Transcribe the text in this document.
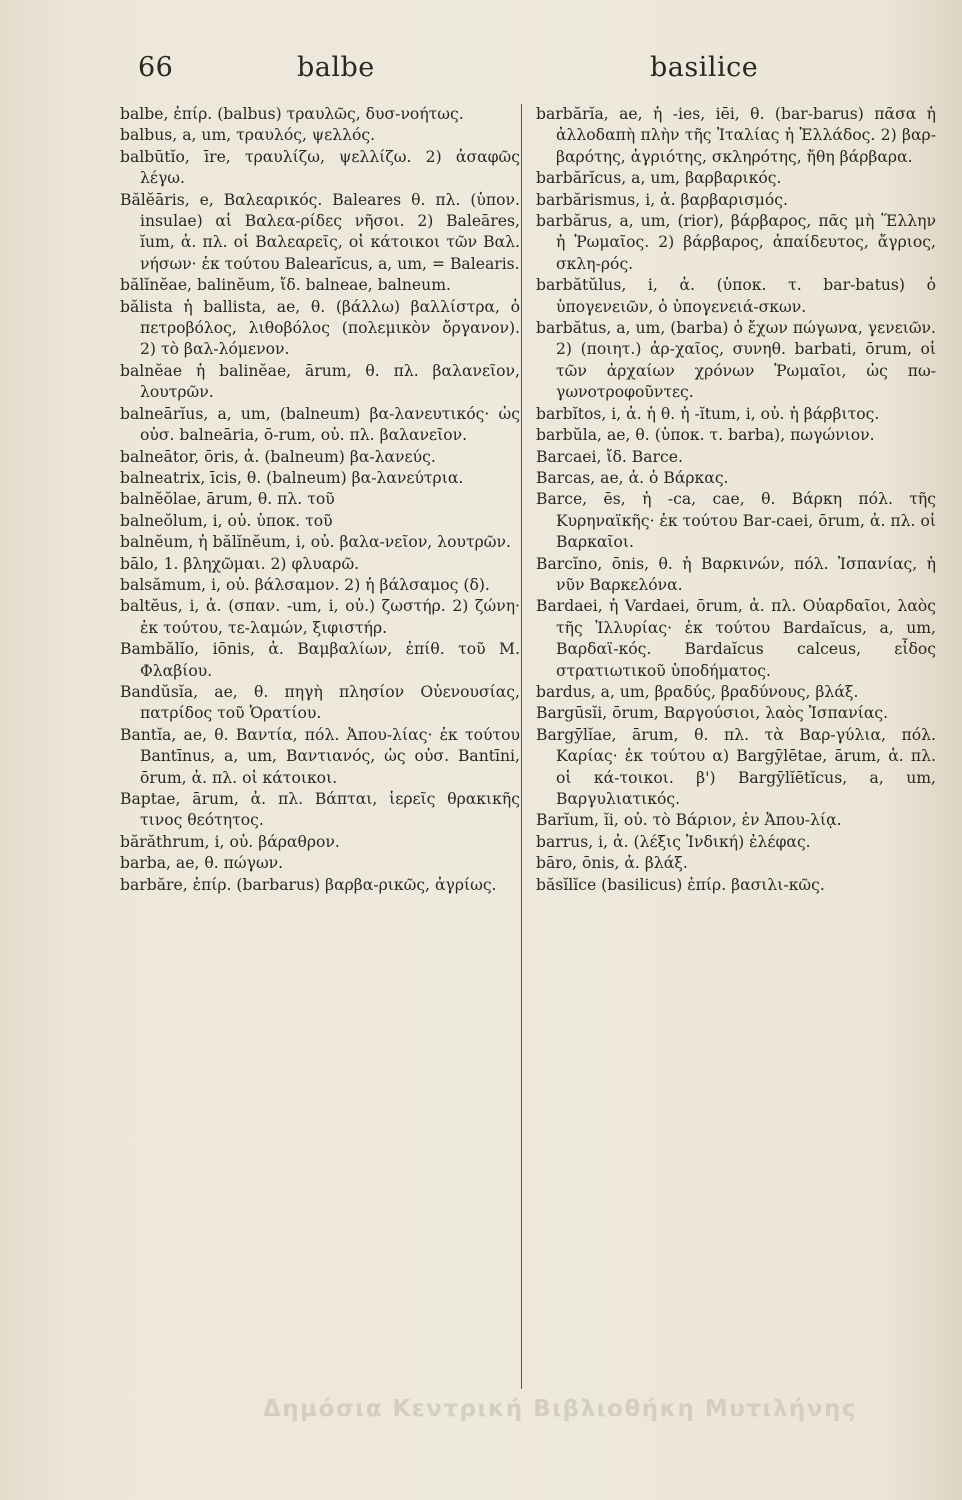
66	balbe	basilice

balbe, ἐπίρ. (balbus) τραυλῶς, δυσ-νοήτως.

balbus, a, um, τραυλός, ψελλός.

balbūtĭo, īre, τραυλίζω, ψελλίζω. 2) ἀσαφῶς λέγω.

Bălĕāris, e, Βαλεαρικός. Baleares θ. πλ. (ὑπον. insulae) αἱ Βαλεα-ρίδες νῆσοι. 2) Baleāres, ĭum, ἀ. πλ. οἱ Βαλεαρεῖς, οἱ κάτοικοι τῶν Βαλ. νήσων· ἐκ τούτου Balearĭcus, a, um, = Balearis.

bălĭnĕae, balinĕum, ἴδ. balneae, balneum.

bălista ἡ ballista, ae, θ. (βάλλω) βαλλίστρα, ὁ πετροβόλος, λιθοβόλος (πολεμικὸν ὄργανον). 2) τὸ βαλ-λόμενον.

balnĕae ἡ balinĕae, ārum, θ. πλ. βαλανεῖον, λουτρῶν.

balneārĭus, a, um, (balneum) βα-λανευτικός· ὡς οὐσ. balneāria, ō-rum, οὐ. πλ. βαλανεῖον.

balneātor, ōris, ἀ. (balneum) βα-λανεύς.

balneatrix, īcis, θ. (balneum) βα-λανεύτρια.

balnĕŏlae, ārum, θ. πλ. τοῦ

balneŏlum, i, οὐ. ὑποκ. τοῦ

balnĕum, ἡ bălĭnĕum, i, οὐ. βαλα-νεῖον, λουτρῶν.

bālo, 1. βληχῶμαι. 2) φλυαρῶ.

balsămum, i, οὐ. βάλσαμον. 2) ἡ βάλσαμος (δ).

baltĕus, i, ἀ. (σπαν. -um, i, οὐ.) ζωστήρ. 2) ζώνη· ἐκ τούτου, τε-λαμών, ξιφιστήρ.

Bambălĭo, iōnis, ἀ. Βαμβαλίων, ἐπίθ. τοῦ Μ. Φλαβίου.

Bandŭsĭa, ae, θ. πηγὴ πλησίον Οὐενουσίας, πατρίδος τοῦ Ὁρατίου.

Bantĭa, ae, θ. Βαντία, πόλ. Ἀπου-λίας· ἐκ τούτου Bantīnus, a, um, Βαντιανός, ὡς οὐσ. Bantīni, ōrum, ἀ. πλ. οἱ κάτοικοι.

Baptae, ārum, ἀ. πλ. Βάπται, ἱερεῖς θρακικῆς τινος θεότητος.

bărăthrum, i, οὐ. βάραθρον.

barba, ae, θ. πώγων.

barbăre, ἐπίρ. (barbarus) βαρβα-ρικῶς, ἀγρίως.

barbărĭa, ae, ἡ -ies, iēi, θ. (bar-barus) πᾶσα ἡ ἀλλοδαπὴ πλὴν τῆς Ἰταλίας ἡ Ἑλλάδος. 2) βαρ-βαρότης, ἀγριότης, σκληρότης, ἤθη βάρβαρα.

barbărĭcus, a, um, βαρβαρικός.

barbărismus, i, ἀ. βαρβαρισμός.

barbărus, a, um, (rior), βάρβαρος, πᾶς μὴ Ἕλλην ἡ Ῥωμαῖος. 2) βάρβαρος, ἀπαίδευτος, ἄγριος, σκλη-ρός.

barbătŭlus, i, ἀ. (ὑποκ. τ. bar-batus) ὁ ὑπογενειῶν, ὁ ὑπογενειά-σκων.

barbătus, a, um, (barba) ὁ ἔχων πώγωνα, γενειῶν. 2) (ποιητ.) ἀρ-χαῖος, συνηθ. barbati, ōrum, οἱ τῶν ἀρχαίων χρόνων Ῥωμαῖοι, ὡς πω-γωνοτροφοῦντες.

barbĭtos, i, ἀ. ἡ θ. ἡ -ĭtum, i, οὐ. ἡ βάρβιτος.

barbŭla, ae, θ. (ὑποκ. τ. barba), πωγώνιον.

Barcaei, ἴδ. Barce.

Barcas, ae, ἀ. ὁ Βάρκας.

Barce, ēs, ἡ -ca, cae, θ. Βάρκη πόλ. τῆς Κυρηναϊκῆς· ἐκ τούτου Bar-caei, ōrum, ἀ. πλ. οἱ Βαρκαῖοι.

Barcĭno, ōnis, θ. ἡ Βαρκινών, πόλ. Ἱσπανίας, ἡ νῦν Βαρκελόνα.

Bardaei, ἡ Vardaei, ōrum, ἀ. πλ. Οὐαρδαῖοι, λαὸς τῆς Ἰλλυρίας· ἐκ τούτου Bardaĭcus, a, um, Βαρδαϊ-κός. Bardaĭcus calceus, εἶδος στρατιωτικοῦ ὑποδήματος.

bardus, a, um, βραδύς, βραδύνους, βλάξ.

Bargūsĭi, ōrum, Βαργούσιοι, λαὸς Ἰσπανίας.

Bargȳlĭae, ārum, θ. πλ. τὰ Βαρ-γύλια, πόλ. Καρίας· ἐκ τούτου α) Bargȳlētae, ārum, ἀ. πλ. οἱ κά-τοικοι. β') Bargȳlĭētĭcus, a, um, Βαργυλιατικός.

Barĭum, ĭi, οὐ. τὸ Βάριον, ἐν Ἀπου-λίᾳ.

barrus, i, ἀ. (λέξις Ἰνδική) ἐλέφας.

bāro, ōnis, ἀ. βλάξ.

băsĭlĭce (basilicus) ἐπίρ. βασιλι-κῶς.

Δημόσια Κεντρική Βιβλιοθήκη Μυτιλήνης
